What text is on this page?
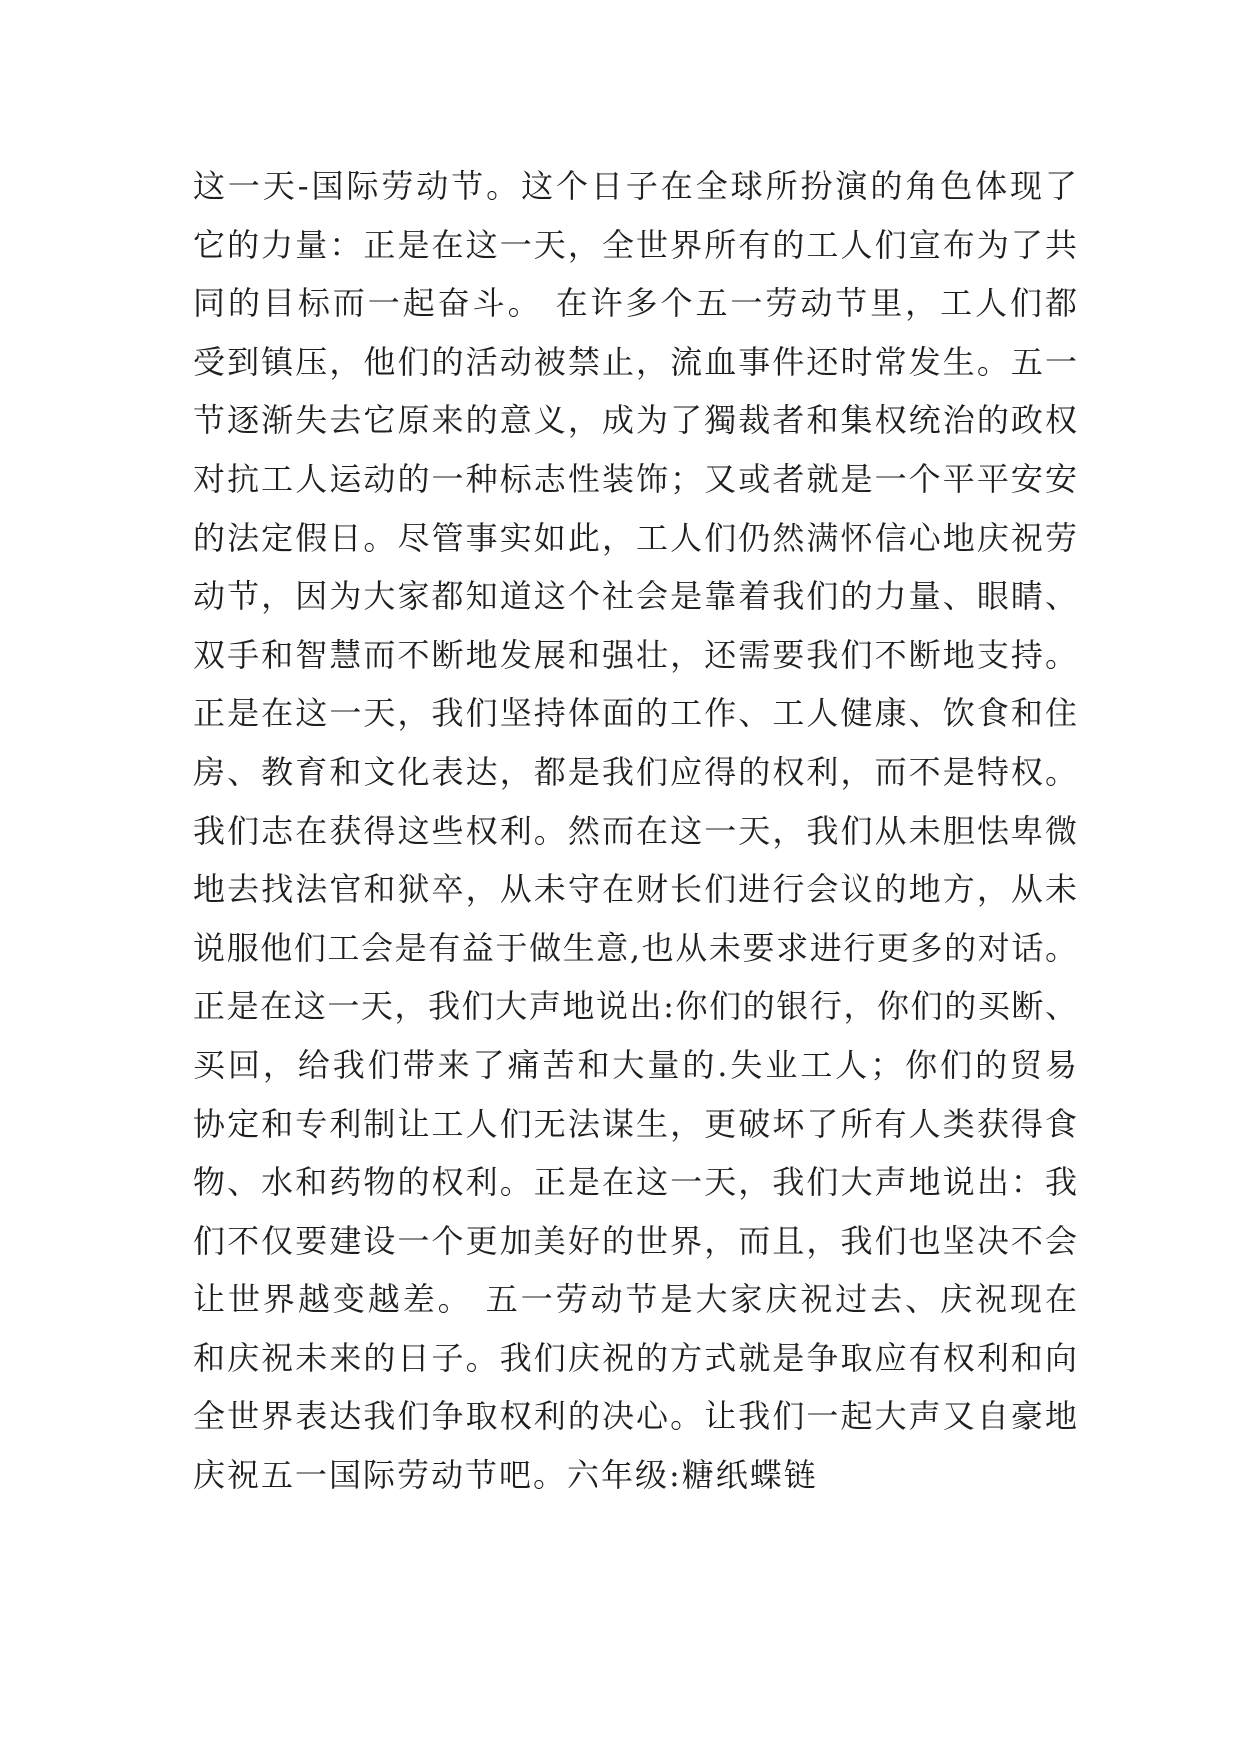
这一天-国际劳动节。这个日子在全球所扮演的角色体现了
它的力量：正是在这一天，全世界所有的工人们宣布为了共
同的目标而一起奋斗。 在许多个五一劳动节里，工人们都
受到镇压，他们的活动被禁止，流血事件还时常发生。五一
节逐渐失去它原来的意义，成为了獨裁者和集权统治的政权
对抗工人运动的一种标志性装饰；又或者就是一个平平安安
的法定假日。尽管事实如此，工人们仍然满怀信心地庆祝劳
动节，因为大家都知道这个社会是靠着我们的力量、眼睛、
双手和智慧而不断地发展和强壮，还需要我们不断地支持。
正是在这一天，我们坚持体面的工作、工人健康、饮食和住
房、教育和文化表达，都是我们应得的权利，而不是特权。
我们志在获得这些权利。然而在这一天，我们从未胆怯卑微
地去找法官和狱卒，从未守在财长们进行会议的地方，从未
说服他们工会是有益于做生意,也从未要求进行更多的对话。
正是在这一天，我们大声地说出:你们的银行，你们的买断、
买回，给我们带来了痛苦和大量的.失业工人；你们的贸易
协定和专利制让工人们无法谋生，更破坏了所有人类获得食
物、水和药物的权利。正是在这一天，我们大声地说出：我
们不仅要建设一个更加美好的世界，而且，我们也坚决不会
让世界越变越差。 五一劳动节是大家庆祝过去、庆祝现在
和庆祝未来的日子。我们庆祝的方式就是争取应有权利和向
全世界表达我们争取权利的决心。让我们一起大声又自豪地
庆祝五一国际劳动节吧。六年级:糖纸蝶链
